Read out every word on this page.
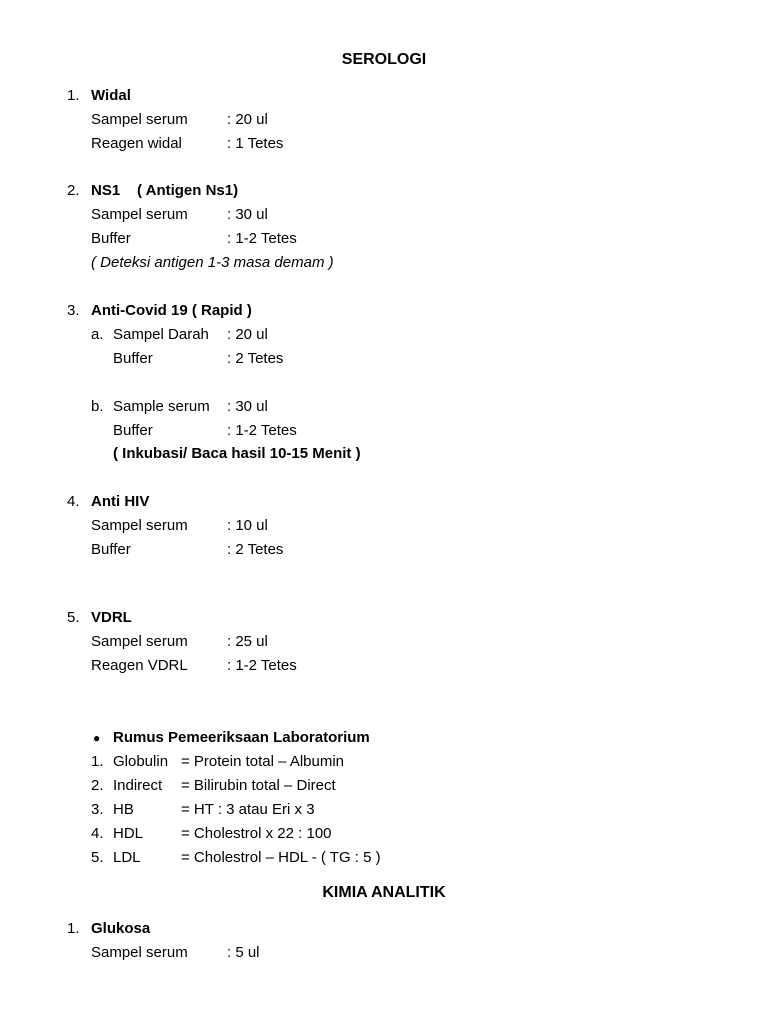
SEROLOGI
1. Widal
Sampel serum	: 20 ul
Reagen widal	: 1 Tetes
2. NS1 ( Antigen Ns1)
Sampel serum	: 30 ul
Buffer	: 1-2 Tetes
( Deteksi antigen 1-3 masa demam )
3. Anti-Covid 19 ( Rapid )
a. Sampel Darah : 20 ul
Buffer	: 2 Tetes
b. Sample serum : 30 ul
Buffer	: 1-2 Tetes
( Inkubasi/ Baca hasil 10-15 Menit )
4. Anti HIV
Sampel serum	: 10 ul
Buffer	: 2 Tetes
5. VDRL
Sampel serum	: 25 ul
Reagen VDRL	: 1-2 Tetes
● Rumus Pemeeriksaan Laboratorium
1. Globulin = Protein total – Albumin
2. Indirect = Bilirubin total – Direct
3. HB	= HT : 3 atau Eri x 3
4. HDL	= Cholestrol x 22 : 100
5. LDL	= Cholestrol – HDL - ( TG : 5 )
KIMIA ANALITIK
1. Glukosa
Sampel serum	: 5 ul
